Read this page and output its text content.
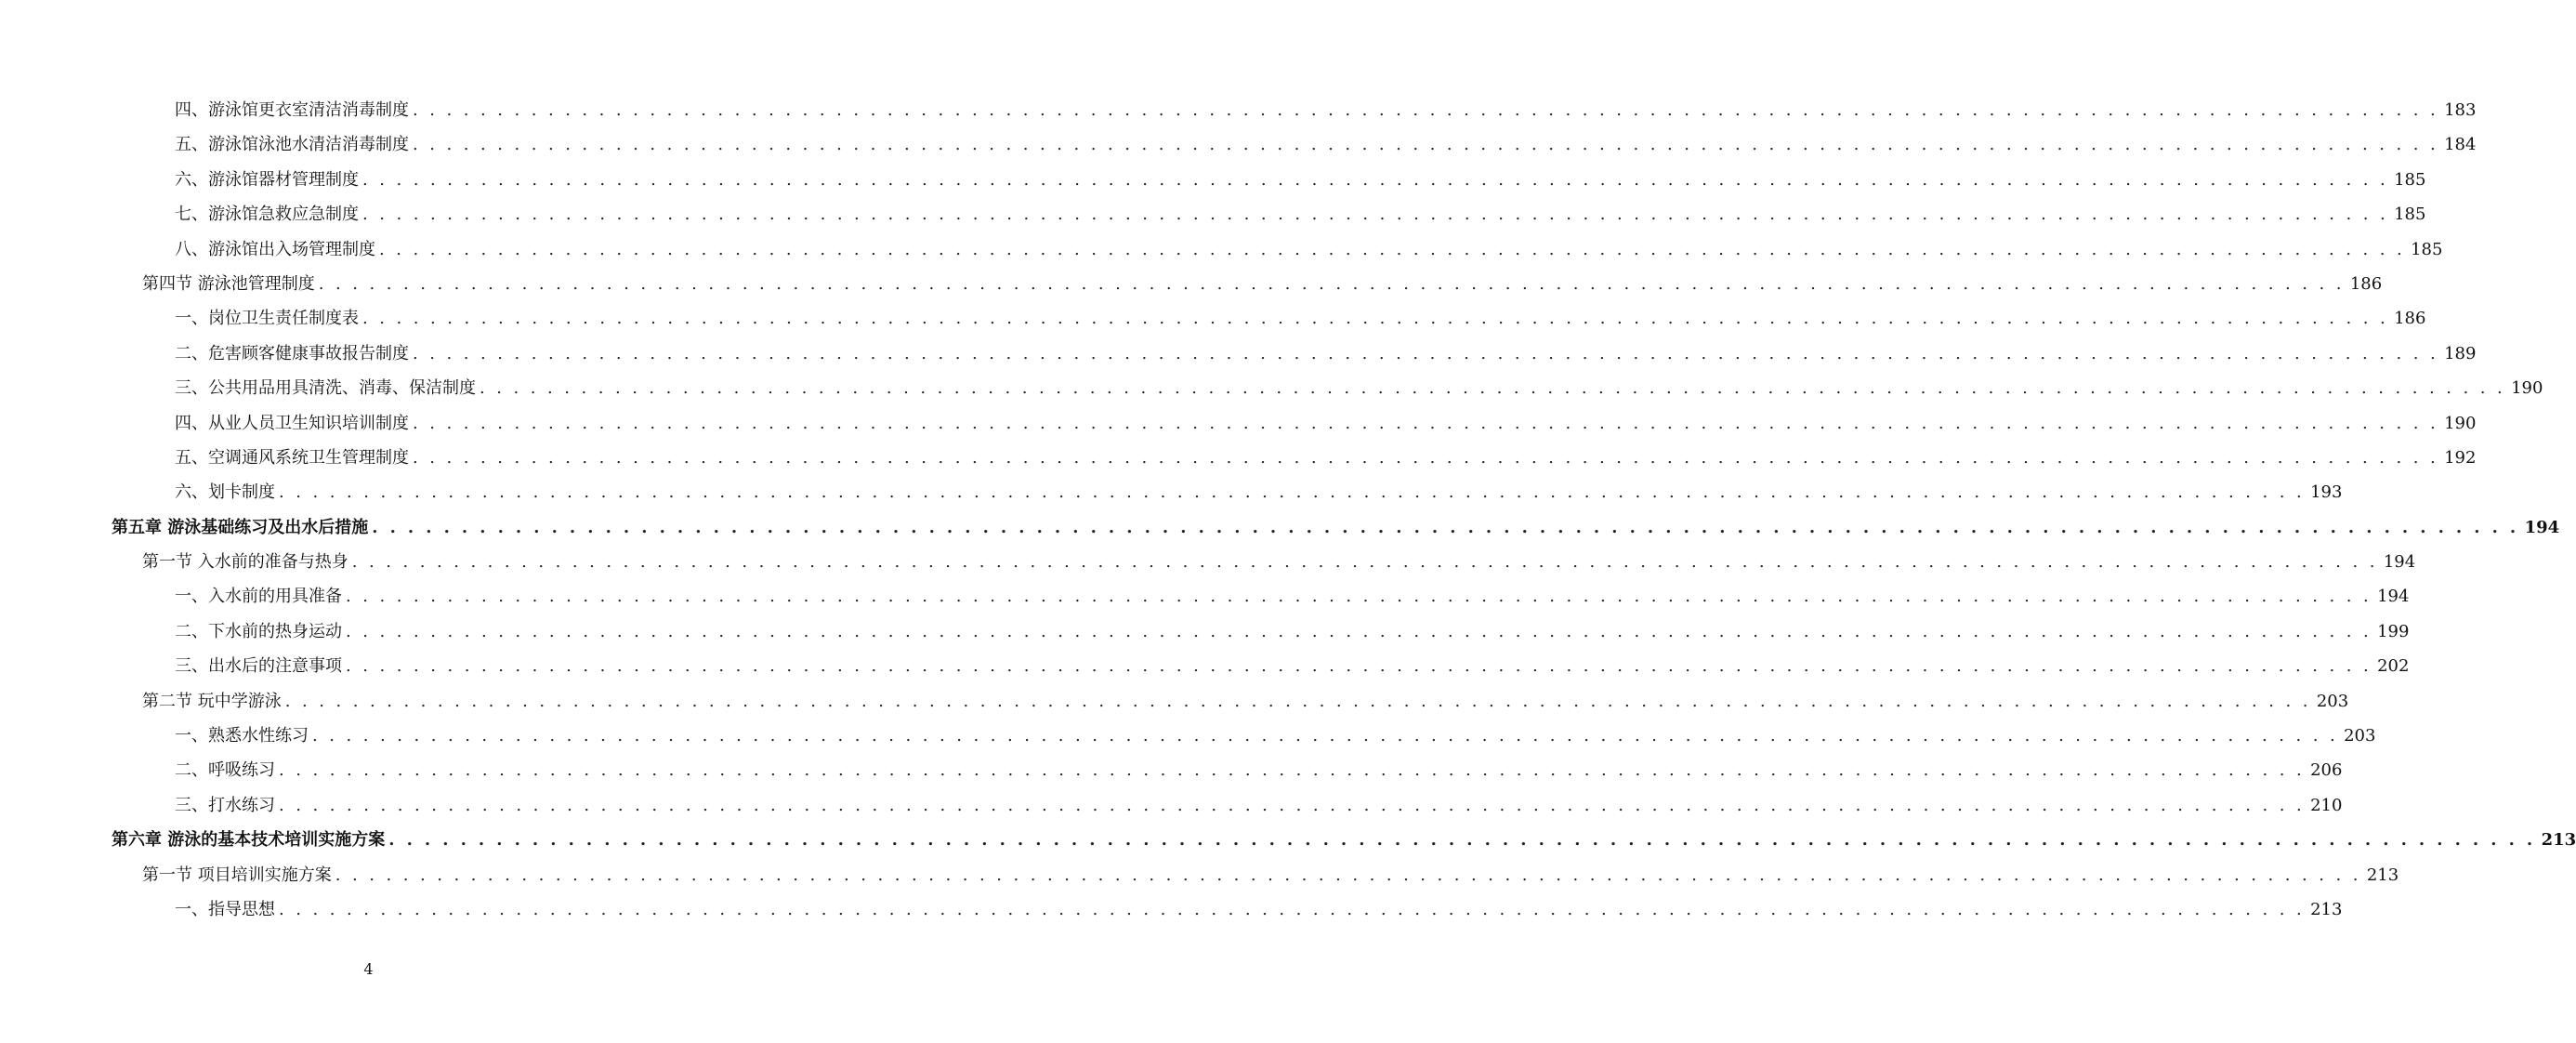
四、游泳馆更衣室清洁消毒制度 . . . . . . . . . . . . . . . . . . . . . . . . . . . . . . . . . . . . . . . . . . . . . . . . . . . . . . . . . . . . . . . . . . . . . . . . . . . . . . . . . . . . . . . . . . . . . . . . . . . . . . . . . . . . . . . . . . . . . . . . 183
五、游泳馆泳池水清洁消毒制度 . . . . . . . . . . . . . . . . . . . . . . . . . . . . . . . . . . . . . . . . . . . . . . . . . . . . . . . . . . . . . . . . . . . . . . . . . . . . . . . . . . . . . . . . . . . . . . . . . . . . . . . . . . . . . . . . . . . . . . . . 184
六、游泳馆器材管理制度 . . . . . . . . . . . . . . . . . . . . . . . . . . . . . . . . . . . . . . . . . . . . . . . . . . . . . . . . . . . . . . . . . . . . . . . . . . . . . . . . . . . . . . . . . . . . . . . . . . . . . . . . . . . . . . . . . . . . . . . . 185
七、游泳馆急救应急制度 . . . . . . . . . . . . . . . . . . . . . . . . . . . . . . . . . . . . . . . . . . . . . . . . . . . . . . . . . . . . . . . . . . . . . . . . . . . . . . . . . . . . . . . . . . . . . . . . . . . . . . . . . . . . . . . . . . . . . . . . 185
八、游泳馆出入场管理制度 . . . . . . . . . . . . . . . . . . . . . . . . . . . . . . . . . . . . . . . . . . . . . . . . . . . . . . . . . . . . . . . . . . . . . . . . . . . . . . . . . . . . . . . . . . . . . . . . . . . . . . . . . . . . . . . . . . . . . . . . 185
第四节 游泳池管理制度 . . . . . . . . . . . . . . . . . . . . . . . . . . . . . . . . . . . . . . . . . . . . . . . . . . . . . . . . . . . . . . . . . . . . . . . . . . . . . . . . . . . . . . . . . . . . . . . . . . . . . . . . . . . . . . . . . . . . . . . . 186
一、岗位卫生责任制度表 . . . . . . . . . . . . . . . . . . . . . . . . . . . . . . . . . . . . . . . . . . . . . . . . . . . . . . . . . . . . . . . . . . . . . . . . . . . . . . . . . . . . . . . . . . . . . . . . . . . . . . . . . . . . . . . . . . . . . . . . 186
二、危害顾客健康事故报告制度 . . . . . . . . . . . . . . . . . . . . . . . . . . . . . . . . . . . . . . . . . . . . . . . . . . . . . . . . . . . . . . . . . . . . . . . . . . . . . . . . . . . . . . . . . . . . . . . . . . . . . . . . . . . . . . . . . . . . . . . . 189
三、公共用品用具清洗、消毒、保洁制度 . . . . . . . . . . . . . . . . . . . . . . . . . . . . . . . . . . . . . . . . . . . . . . . . . . . . . . . . . . . . . . . . . . . . . . . . . . . . . . . . . . . . . . . . . . . . . . . . . . . . . . . . . . . . . . . . . . . . . . . . 190
四、从业人员卫生知识培训制度 . . . . . . . . . . . . . . . . . . . . . . . . . . . . . . . . . . . . . . . . . . . . . . . . . . . . . . . . . . . . . . . . . . . . . . . . . . . . . . . . . . . . . . . . . . . . . . . . . . . . . . . . . . . . . . . . . . . . . . . . 190
五、空调通风系统卫生管理制度 . . . . . . . . . . . . . . . . . . . . . . . . . . . . . . . . . . . . . . . . . . . . . . . . . . . . . . . . . . . . . . . . . . . . . . . . . . . . . . . . . . . . . . . . . . . . . . . . . . . . . . . . . . . . . . . . . . . . . . . . 192
六、划卡制度 . . . . . . . . . . . . . . . . . . . . . . . . . . . . . . . . . . . . . . . . . . . . . . . . . . . . . . . . . . . . . . . . . . . . . . . . . . . . . . . . . . . . . . . . . . . . . . . . . . . . . . . . . . . . . . . . . . . . . . . . 193
第五章 游泳基础练习及出水后措施 . . . . . . . . . . . . . . . . . . . . . . . . . . . . . . . . . . . . . . . . . . . . . . . . . . . . . . . . . . . . . . . . . . . . . . . . . . . . . . . . . . . . . . . . . . . . . . . . . . . . . . . . . . . . . . . . . . . . . . . . 194
第一节 入水前的准备与热身 . . . . . . . . . . . . . . . . . . . . . . . . . . . . . . . . . . . . . . . . . . . . . . . . . . . . . . . . . . . . . . . . . . . . . . . . . . . . . . . . . . . . . . . . . . . . . . . . . . . . . . . . . . . . . . . . . . . . . . . . 194
一、入水前的用具准备 . . . . . . . . . . . . . . . . . . . . . . . . . . . . . . . . . . . . . . . . . . . . . . . . . . . . . . . . . . . . . . . . . . . . . . . . . . . . . . . . . . . . . . . . . . . . . . . . . . . . . . . . . . . . . . . . . . . . . . . . 194
二、下水前的热身运动 . . . . . . . . . . . . . . . . . . . . . . . . . . . . . . . . . . . . . . . . . . . . . . . . . . . . . . . . . . . . . . . . . . . . . . . . . . . . . . . . . . . . . . . . . . . . . . . . . . . . . . . . . . . . . . . . . . . . . . . . 199
三、出水后的注意事项 . . . . . . . . . . . . . . . . . . . . . . . . . . . . . . . . . . . . . . . . . . . . . . . . . . . . . . . . . . . . . . . . . . . . . . . . . . . . . . . . . . . . . . . . . . . . . . . . . . . . . . . . . . . . . . . . . . . . . . . . 202
第二节 玩中学游泳 . . . . . . . . . . . . . . . . . . . . . . . . . . . . . . . . . . . . . . . . . . . . . . . . . . . . . . . . . . . . . . . . . . . . . . . . . . . . . . . . . . . . . . . . . . . . . . . . . . . . . . . . . . . . . . . . . . . . . . . . 203
一、熟悉水性练习 . . . . . . . . . . . . . . . . . . . . . . . . . . . . . . . . . . . . . . . . . . . . . . . . . . . . . . . . . . . . . . . . . . . . . . . . . . . . . . . . . . . . . . . . . . . . . . . . . . . . . . . . . . . . . . . . . . . . . . . . 203
二、呼吸练习 . . . . . . . . . . . . . . . . . . . . . . . . . . . . . . . . . . . . . . . . . . . . . . . . . . . . . . . . . . . . . . . . . . . . . . . . . . . . . . . . . . . . . . . . . . . . . . . . . . . . . . . . . . . . . . . . . . . . . . . . 206
三、打水练习 . . . . . . . . . . . . . . . . . . . . . . . . . . . . . . . . . . . . . . . . . . . . . . . . . . . . . . . . . . . . . . . . . . . . . . . . . . . . . . . . . . . . . . . . . . . . . . . . . . . . . . . . . . . . . . . . . . . . . . . . 210
第六章 游泳的基本技术培训实施方案 . . . . . . . . . . . . . . . . . . . . . . . . . . . . . . . . . . . . . . . . . . . . . . . . . . . . . . . . . . . . . . . . . . . . . . . . . . . . . . . . . . . . . . . . . . . . . . . . . . . . . . . . . . . . . . . . . . . . . . . . 213
第一节 项目培训实施方案 . . . . . . . . . . . . . . . . . . . . . . . . . . . . . . . . . . . . . . . . . . . . . . . . . . . . . . . . . . . . . . . . . . . . . . . . . . . . . . . . . . . . . . . . . . . . . . . . . . . . . . . . . . . . . . . . . . . . . . . . 213
一、指导思想 . . . . . . . . . . . . . . . . . . . . . . . . . . . . . . . . . . . . . . . . . . . . . . . . . . . . . . . . . . . . . . . . . . . . . . . . . . . . . . . . . . . . . . . . . . . . . . . . . . . . . . . . . . . . . . . . . . . . . . . . 213
4
